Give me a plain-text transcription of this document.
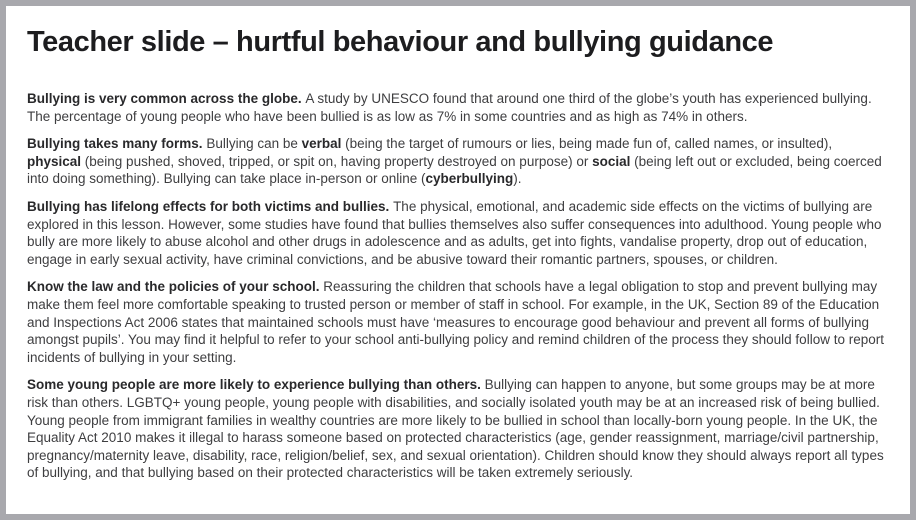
Teacher slide – hurtful behaviour and bullying guidance

Bullying is very common across the globe. A study by UNESCO found that around one third of the globe’s youth has experienced bullying. The percentage of young people who have been bullied is as low as 7% in some countries and as high as 74% in others.

Bullying takes many forms. Bullying can be verbal (being the target of rumours or lies, being made fun of, called names, or insulted), physical (being pushed, shoved, tripped, or spit on, having property destroyed on purpose) or social (being left out or excluded, being coerced into doing something). Bullying can take place in-person or online (cyberbullying).

Bullying has lifelong effects for both victims and bullies. The physical, emotional, and academic side effects on the victims of bullying are explored in this lesson. However, some studies have found that bullies themselves also suffer consequences into adulthood. Young people who bully are more likely to abuse alcohol and other drugs in adolescence and as adults, get into fights, vandalise property, drop out of education, engage in early sexual activity, have criminal convictions, and be abusive toward their romantic partners, spouses, or children.

Know the law and the policies of your school. Reassuring the children that schools have a legal obligation to stop and prevent bullying may make them feel more comfortable speaking to trusted person or member of staff in school. For example, in the UK, Section 89 of the Education and Inspections Act 2006 states that maintained schools must have ‘measures to encourage good behaviour and prevent all forms of bullying amongst pupils’. You may find it helpful to refer to your school anti-bullying policy and remind children of the process they should follow to report incidents of bullying in your setting.

Some young people are more likely to experience bullying than others. Bullying can happen to anyone, but some groups may be at more risk than others. LGBTQ+ young people, young people with disabilities, and socially isolated youth may be at an increased risk of being bullied. Young people from immigrant families in wealthy countries are more likely to be bullied in school than locally-born young people. In the UK, the Equality Act 2010 makes it illegal to harass someone based on protected characteristics (age, gender reassignment, marriage/civil partnership, pregnancy/maternity leave, disability, race, religion/belief, sex, and sexual orientation). Children should know they should always report all types of bullying, and that bullying based on their protected characteristics will be taken extremely seriously.
